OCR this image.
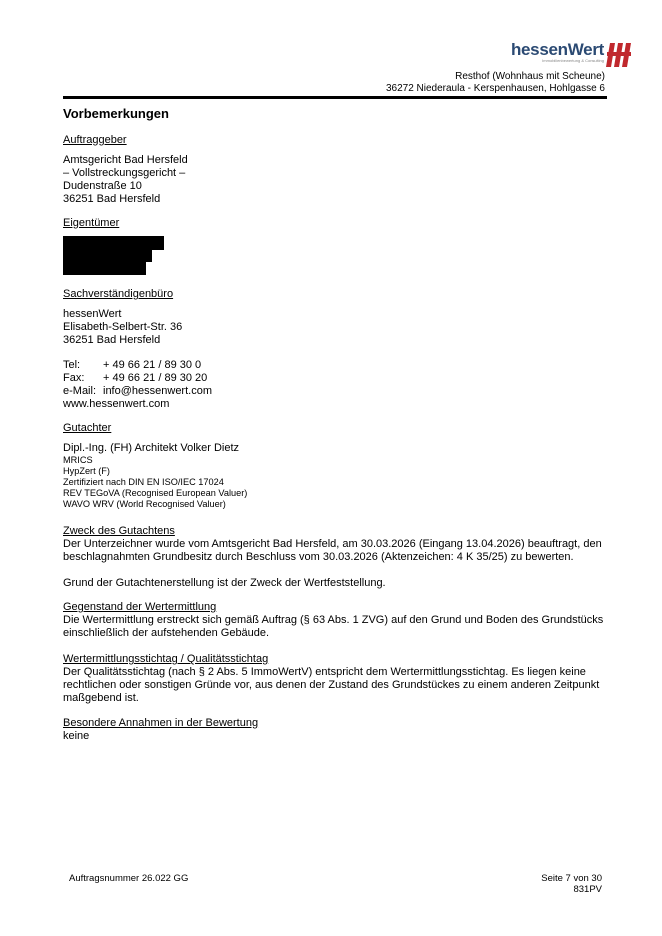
hessenWert
Immobilienbewertung & Consulting
Resthof (Wohnhaus mit Scheune)
36272 Niederaula - Kerspenhausen, Hohlgasse 6
Vorbemerkungen
Auftraggeber
Amtsgericht Bad Hersfeld
– Vollstreckungsgericht –
Dudenstraße 10
36251 Bad Hersfeld
Eigentümer
Sachverständigenbüro
hessenWert
Elisabeth-Selbert-Str. 36
36251 Bad Hersfeld
Tel:	+ 49 66 21 / 89 30 0
Fax:	+ 49 66 21 / 89 30 20
e-Mail:	info@hessenwert.com
www.hessenwert.com
Gutachter
Dipl.-Ing. (FH) Architekt Volker Dietz
MRICS
HypZert (F)
Zertifiziert nach DIN EN ISO/IEC 17024
REV TEGoVA (Recognised European Valuer)
WAVO WRV (World Recognised Valuer)
Zweck des Gutachtens
Der Unterzeichner wurde vom Amtsgericht Bad Hersfeld, am 30.03.2026 (Eingang 13.04.2026) beauftragt, den beschlagnahmten Grundbesitz durch Beschluss vom 30.03.2026 (Aktenzeichen: 4 K 35/25) zu bewerten.
Grund der Gutachtenerstellung ist der Zweck der Wertfeststellung.
Gegenstand der Wertermittlung
Die Wertermittlung erstreckt sich gemäß Auftrag (§ 63 Abs. 1 ZVG) auf den Grund und Boden des Grundstücks einschließlich der aufstehenden Gebäude.
Wertermittlungsstichtag / Qualitätsstichtag
Der Qualitätsstichtag (nach § 2 Abs. 5 ImmoWertV) entspricht dem Wertermittlungsstichtag. Es liegen keine rechtlichen oder sonstigen Gründe vor, aus denen der Zustand des Grundstückes zu einem anderen Zeitpunkt maßgebend ist.
Besondere Annahmen in der Bewertung
keine
Auftragsnummer 26.022 GG	Seite 7 von 30
831PV
